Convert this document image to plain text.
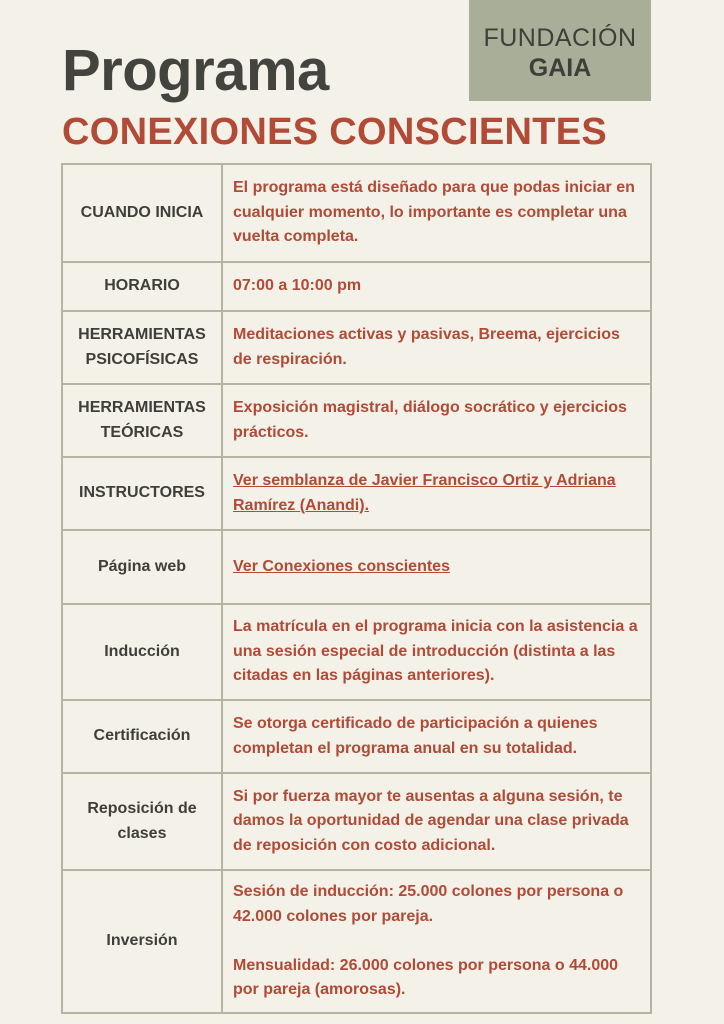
FUNDACIÓN
GAIA
Programa
CONEXIONES CONSCIENTES
CUANDO INICIA	El programa está diseñado para que podas iniciar en cualquier momento, lo importante es completar una vuelta completa.
HORARIO	07:00 a 10:00 pm
HERRAMIENTAS PSICOFÍSICAS	Meditaciones activas y pasivas, Breema, ejercicios de respiración.
HERRAMIENTAS TEÓRICAS	Exposición magistral, diálogo socrático y ejercicios prácticos.
INSTRUCTORES	Ver semblanza de Javier Francisco Ortiz y Adriana Ramírez (Anandi).
Página web	Ver Conexiones conscientes
Inducción	La matrícula en el programa inicia con la asistencia a una sesión especial de introducción (distinta a las citadas en las páginas anteriores).
Certificación	Se otorga certificado de participación a quienes completan el programa anual en su totalidad.
Reposición de clases	Si por fuerza mayor te ausentas a alguna sesión, te damos la oportunidad de agendar una clase privada de reposición con costo adicional.
Inversión	Sesión de inducción: 25.000 colones por persona o 42.000 colones por pareja.
Mensualidad: 26.000 colones por persona o 44.000 por pareja (amorosas).
